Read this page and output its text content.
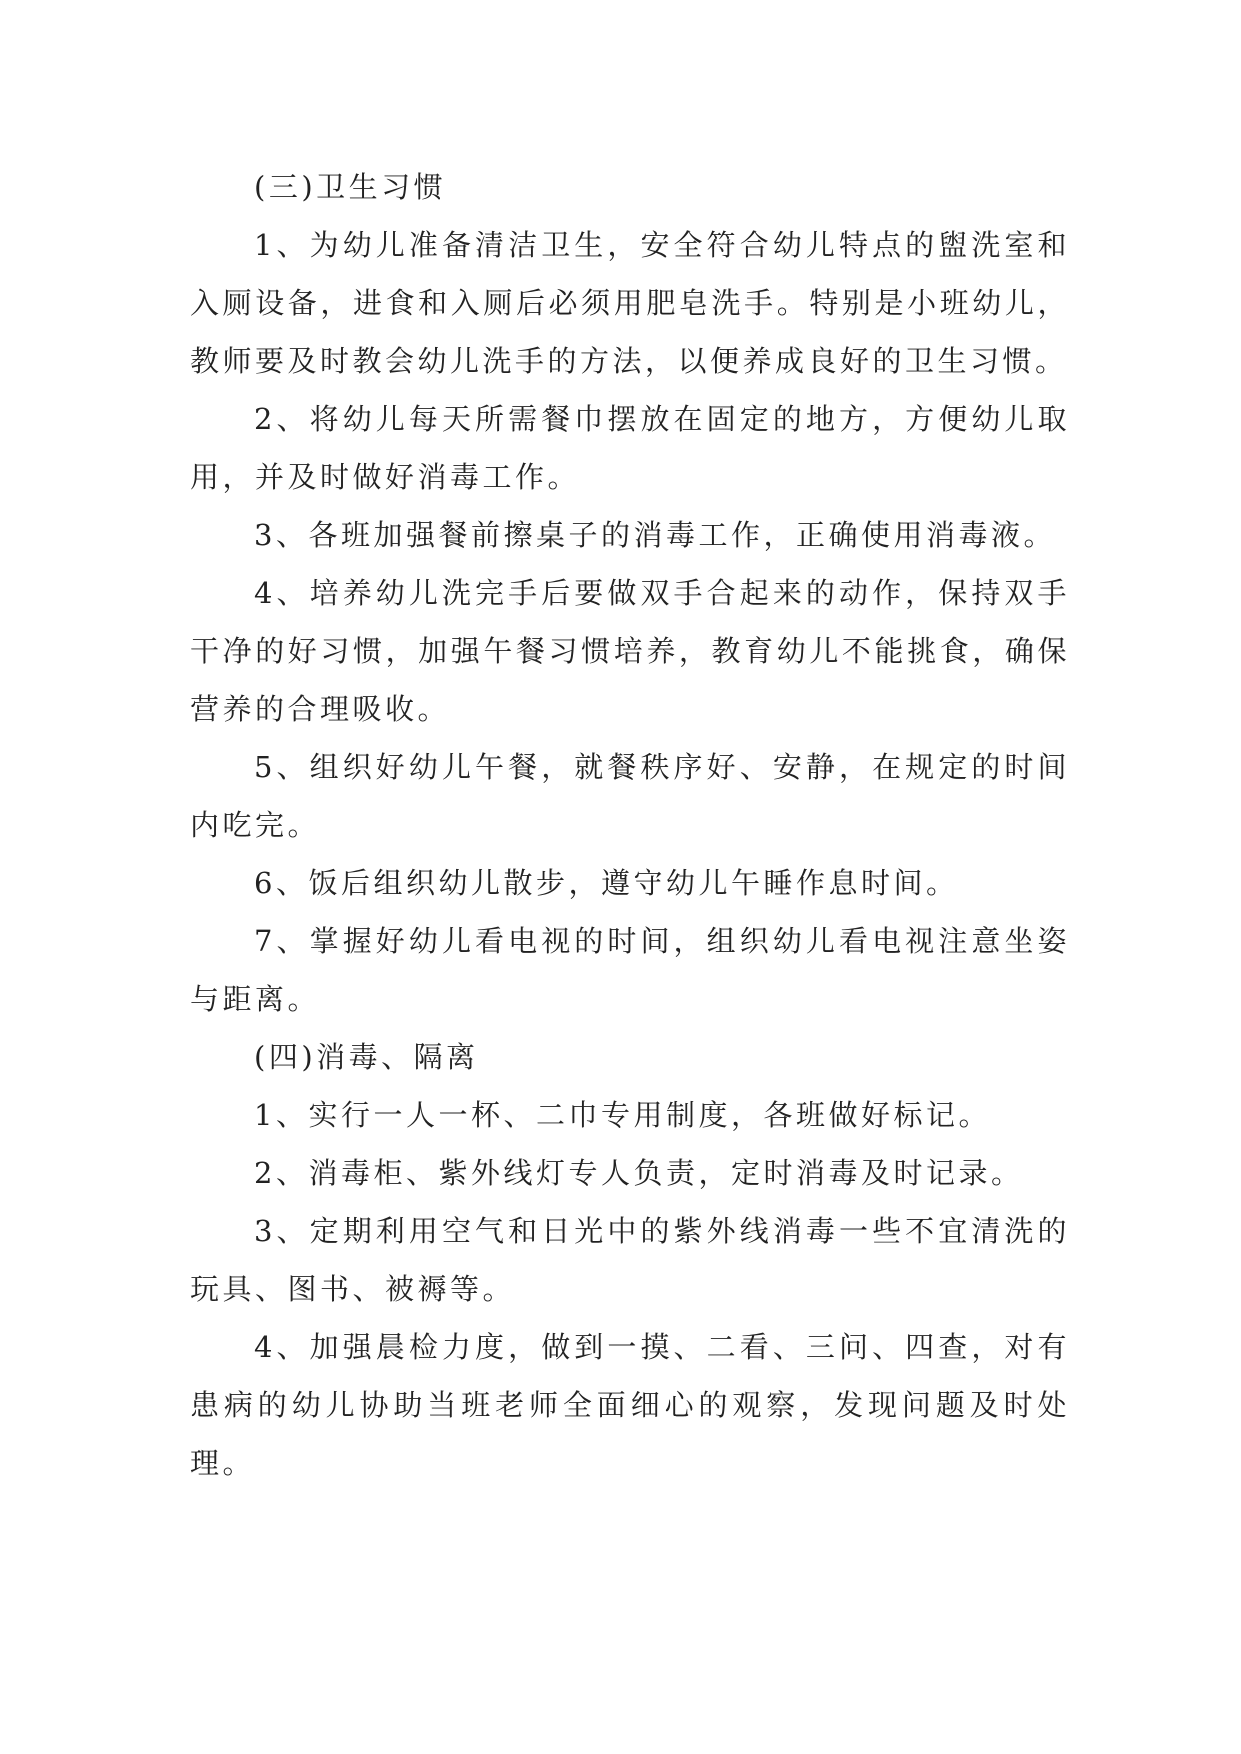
(三)卫生习惯

1、为幼儿准备清洁卫生，安全符合幼儿特点的盥洗室和入厕设备，进食和入厕后必须用肥皂洗手。特别是小班幼儿，教师要及时教会幼儿洗手的方法，以便养成良好的卫生习惯。

2、将幼儿每天所需餐巾摆放在固定的地方，方便幼儿取用，并及时做好消毒工作。

3、各班加强餐前擦桌子的消毒工作，正确使用消毒液。

4、培养幼儿洗完手后要做双手合起来的动作，保持双手干净的好习惯，加强午餐习惯培养，教育幼儿不能挑食，确保营养的合理吸收。

5、组织好幼儿午餐，就餐秩序好、安静，在规定的时间内吃完。

6、饭后组织幼儿散步，遵守幼儿午睡作息时间。

7、掌握好幼儿看电视的时间，组织幼儿看电视注意坐姿与距离。

(四)消毒、隔离

1、实行一人一杯、二巾专用制度，各班做好标记。

2、消毒柜、紫外线灯专人负责，定时消毒及时记录。

3、定期利用空气和日光中的紫外线消毒一些不宜清洗的玩具、图书、被褥等。

4、加强晨检力度，做到一摸、二看、三问、四查，对有患病的幼儿协助当班老师全面细心的观察，发现问题及时处理。
